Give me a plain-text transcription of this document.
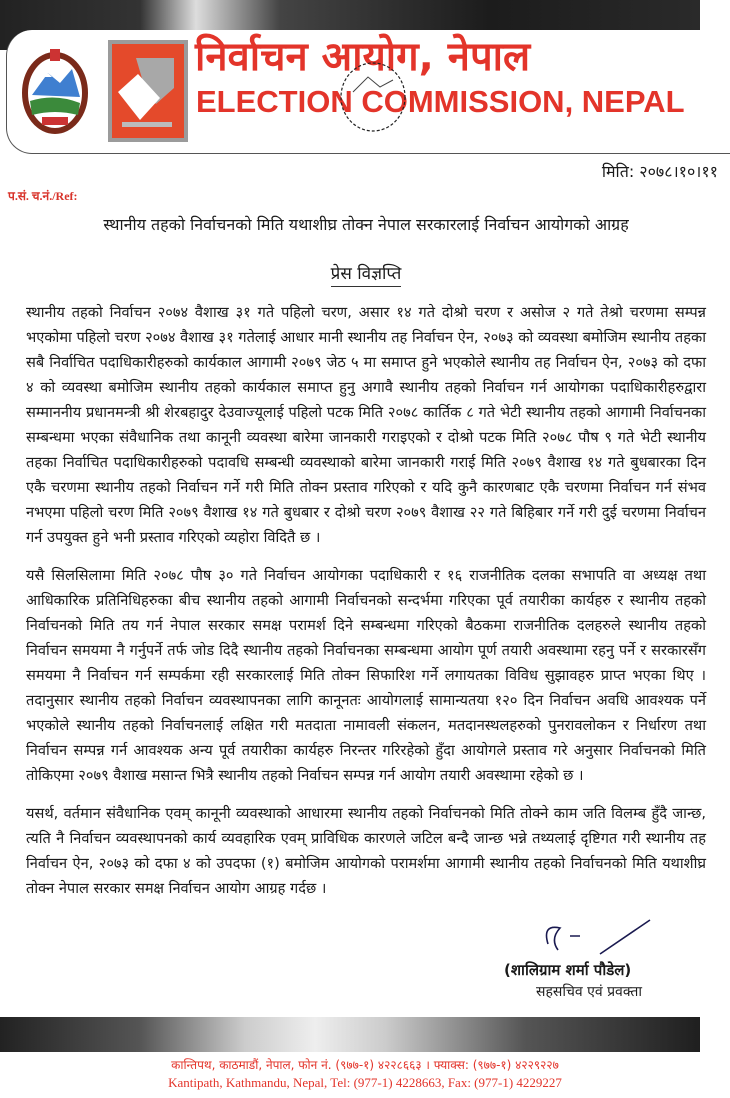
निर्वाचन आयोग, नेपाल
ELECTION COMMISSION, NEPAL
मिति: २०७८।१०।११
प.सं. च.नं./Ref:
स्थानीय तहको निर्वाचनको मिति यथाशीघ्र तोक्न नेपाल सरकारलाई निर्वाचन आयोगको आग्रह
प्रेस विज्ञप्ति

स्थानीय तहको निर्वाचन २०७४ वैशाख ३१ गते पहिलो चरण, असार १४ गते दोश्रो चरण र असोज २ गते तेश्रो चरणमा सम्पन्न भएकोमा पहिलो चरण २०७४ वैशाख ३१ गतेलाई आधार मानी स्थानीय तह निर्वाचन ऐन, २०७३ को व्यवस्था बमोजिम स्थानीय तहका सबै निर्वाचित पदाधिकारीहरुको कार्यकाल आगामी २०७९ जेठ ५ मा समाप्त हुने भएकोले स्थानीय तह निर्वाचन ऐन, २०७३ को दफा ४ को व्यवस्था बमोजिम स्थानीय तहको कार्यकाल समाप्त हुनु अगावै स्थानीय तहको निर्वाचन गर्न आयोगका पदाधिकारीहरुद्वारा सम्माननीय प्रधानमन्त्री श्री शेरबहादुर देउवाज्यूलाई पहिलो पटक मिति २०७८ कार्तिक ८ गते भेटी स्थानीय तहको आगामी निर्वाचनका सम्बन्धमा भएका संवैधानिक तथा कानूनी व्यवस्था बारेमा जानकारी गराइएको र दोश्रो पटक मिति २०७८ पौष ९ गते भेटी स्थानीय तहका निर्वाचित पदाधिकारीहरुको पदावधि सम्बन्धी व्यवस्थाको बारेमा जानकारी गराई मिति २०७९ वैशाख १४ गते बुधबारका दिन एकै चरणमा स्थानीय तहको निर्वाचन गर्ने गरी मिति तोक्न प्रस्ताव गरिएको र यदि कुनै कारणबाट एकै चरणमा निर्वाचन गर्न संभव नभएमा पहिलो चरण मिति २०७९ वैशाख १४ गते बुधबार र दोश्रो चरण २०७९ वैशाख २२ गते बिहिबार गर्ने गरी दुई चरणमा निर्वाचन गर्न उपयुक्त हुने भनी प्रस्ताव गरिएको व्यहोरा विदितै छ ।

यसै सिलसिलामा मिति २०७८ पौष ३० गते निर्वाचन आयोगका पदाधिकारी र १६ राजनीतिक दलका सभापति वा अध्यक्ष तथा आधिकारिक प्रतिनिधिहरुका बीच स्थानीय तहको आगामी निर्वाचनको सन्दर्भमा गरिएका पूर्व तयारीका कार्यहरु र स्थानीय तहको निर्वाचनको मिति तय गर्न नेपाल सरकार समक्ष परामर्श दिने सम्बन्धमा गरिएको बैठकमा राजनीतिक दलहरुले स्थानीय तहको निर्वाचन समयमा नै गर्नुपर्ने तर्फ जोड दिदै स्थानीय तहको निर्वाचनका सम्बन्धमा आयोग पूर्ण तयारी अवस्थामा रहनु पर्ने र सरकारसँग समयमा नै निर्वाचन गर्न सम्पर्कमा रही सरकारलाई मिति तोक्न सिफारिश गर्ने लगायतका विविध सुझावहरु प्राप्त भएका थिए । तदानुसार स्थानीय तहको निर्वाचन व्यवस्थापनका लागि कानूनतः आयोगलाई सामान्यतया १२० दिन निर्वाचन अवधि आवश्यक पर्ने भएकोले स्थानीय तहको निर्वाचनलाई लक्षित गरी मतदाता नामावली संकलन, मतदानस्थलहरुको पुनरावलोकन र निर्धारण तथा निर्वाचन सम्पन्न गर्न आवश्यक अन्य पूर्व तयारीका कार्यहरु निरन्तर गरिरहेको हुँदा आयोगले प्रस्ताव गरे अनुसार निर्वाचनको मिति तोकिएमा २०७९ वैशाख मसान्त भित्रै स्थानीय तहको निर्वाचन सम्पन्न गर्न आयोग तयारी अवस्थामा रहेको छ ।

यसर्थ, वर्तमान संवैधानिक एवम् कानूनी व्यवस्थाको आधारमा स्थानीय तहको निर्वाचनको मिति तोक्ने काम जति विलम्ब हुँदै जान्छ, त्यति नै निर्वाचन व्यवस्थापनको कार्य व्यवहारिक एवम् प्राविधिक कारणले जटिल बन्दै जान्छ भन्ने तथ्यलाई दृष्टिगत गरी स्थानीय तह निर्वाचन ऐन, २०७३ को दफा ४ को उपदफा (१) बमोजिम आयोगको परामर्शमा आगामी स्थानीय तहको निर्वाचनको मिति यथाशीघ्र तोक्न नेपाल सरकार समक्ष निर्वाचन आयोग आग्रह गर्दछ ।

(शालिग्राम शर्मा पौडेल)
सहसचिव एवं प्रवक्ता
कान्तिपथ, काठमाडौं, नेपाल, फोन नं. (९७७-१) ४२२८६६३ । फ्याक्स: (९७७-१) ४२२९२२७
Kantipath, Kathmandu, Nepal, Tel: (977-1) 4228663, Fax: (977-1) 4229227
